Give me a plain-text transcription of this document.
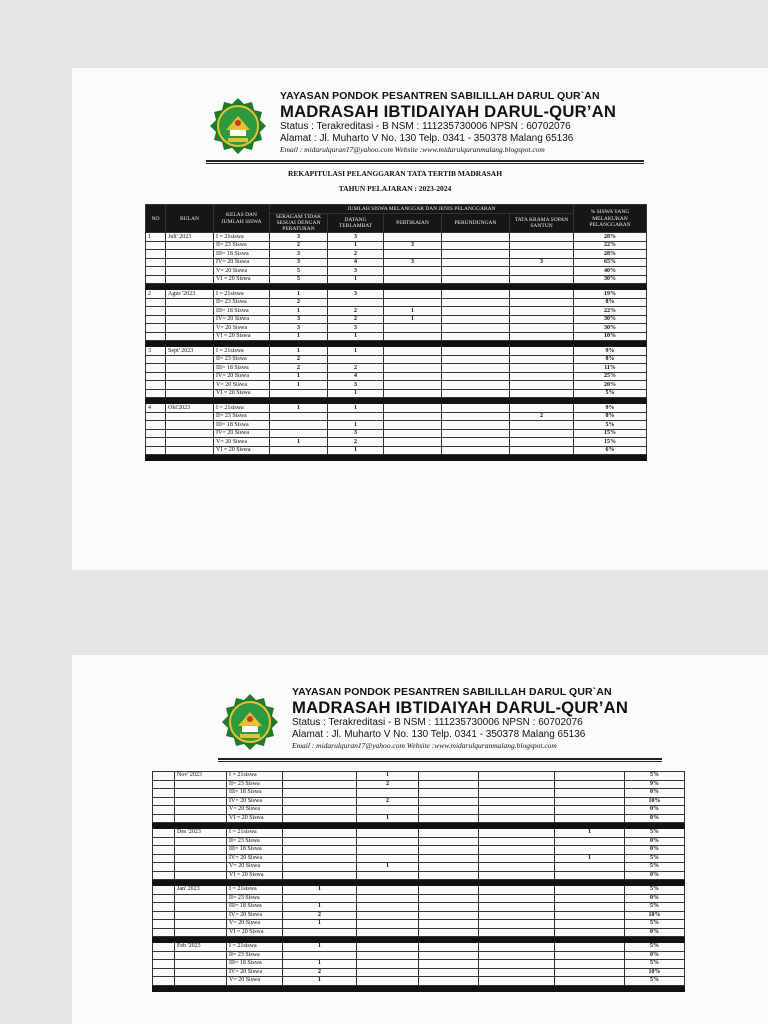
YAYASAN PONDOK PESANTREN SABILILLAH DARUL QUR`AN
MADRASAH IBTIDAIYAH DARUL-QUR’AN
Status : Terakreditasi - B NSM : 111235730006 NPSN : 60702076
Alamat : Jl. Muharto V No. 130 Telp. 0341 - 350378 Malang 65136
Email : midarulquran17@yahoo.com Website :www.midarulquranmalang.blogspot.com
REKAPITULASI PELANGGARAN TATA TERTIB MADRASAH
TAHUN PELAJARAN : 2023-2024
NO	BULAN	KELAS DAN JUMLAH SISWA	JUMLAH SISWA MELANGGAR DAN JENIS PELANGGARAN					% SISWA YANG MELAKUKAN PELANGGARAN
			SERAGAM TIDAK SESUAI DENGAN PERATURAN	DATANG TERLAMBAT	PERTIKAIAN	PERUNDUNGAN	TATA KRAMA SOPAN SANTUN	
1	Juli' 2023	I = 21siswa	3	3				28%
		II= 23 Siswa	2	1	3			22%
		III= 18 Siswa	3	2				28%
		IV= 20 Siswa	3	4	3		3	65%
		V= 20 Siswa	5	3				40%
		VI = 20 Siswa	5	1				30%

2	Agus '2023	I = 21siswa	1	3				19%
		II= 23 Siswa	2					8%
		III= 18 Siswa	1	2	1			22%
		IV= 20 Siswa	3	2	1			30%
		V= 20 Siswa	3	3				30%
		VI = 20 Siswa	1	1				10%

3	Sept' 2023	I = 21siswa	1	1				9%
		II= 23 Siswa	2					8%
		III= 18 Siswa	2	2				11%
		IV= 20 Siswa	1	4				25%
		V= 20 Siswa	1	3				20%
		VI = 20 Siswa		1				5%

4	Okt'2023	I = 21siswa	1	1				9%
		II= 23 Siswa					2	8%
		III= 18 Siswa		1				5%
		IV= 20 Siswa		3				15%
		V= 20 Siswa	1	2				15%
		VI = 20 Siswa		1				6%

YAYASAN PONDOK PESANTREN SABILILLAH DARUL QUR`AN
MADRASAH IBTIDAIYAH DARUL-QUR’AN
Status : Terakreditasi - B NSM : 111235730006 NPSN : 60702076
Alamat : Jl. Muharto V No. 130 Telp. 0341 - 350378 Malang 65136
Email : midarulquran17@yahoo.com Website :www.midarulquranmalang.blogspot.com
	Nov' 2023	I = 21siswa		1				5%
		II= 23 Siswa		2				9%
		III= 18 Siswa						0%
		IV= 20 Siswa		2				10%
		V= 20 Siswa						0%
		VI = 20 Siswa		1				0%

	Des '2023	I = 21siswa					1	5%
		II= 23 Siswa						0%
		III= 18 Siswa						0%
		IV= 20 Siswa					1	5%
		V= 20 Siswa		1				5%
		VI = 20 Siswa						0%

	Jan' 2023	I = 21siswa	1					5%
		II= 23 Siswa						0%
		III= 18 Siswa	1					5%
		IV= 20 Siswa	2					10%
		V= 20 Siswa	1					5%
		VI = 20 Siswa						0%

	Feb '2023	I = 21siswa	1					5%
		II= 23 Siswa						0%
		III= 18 Siswa	1					5%
		IV= 20 Siswa	2					10%
		V= 20 Siswa	1					5%
